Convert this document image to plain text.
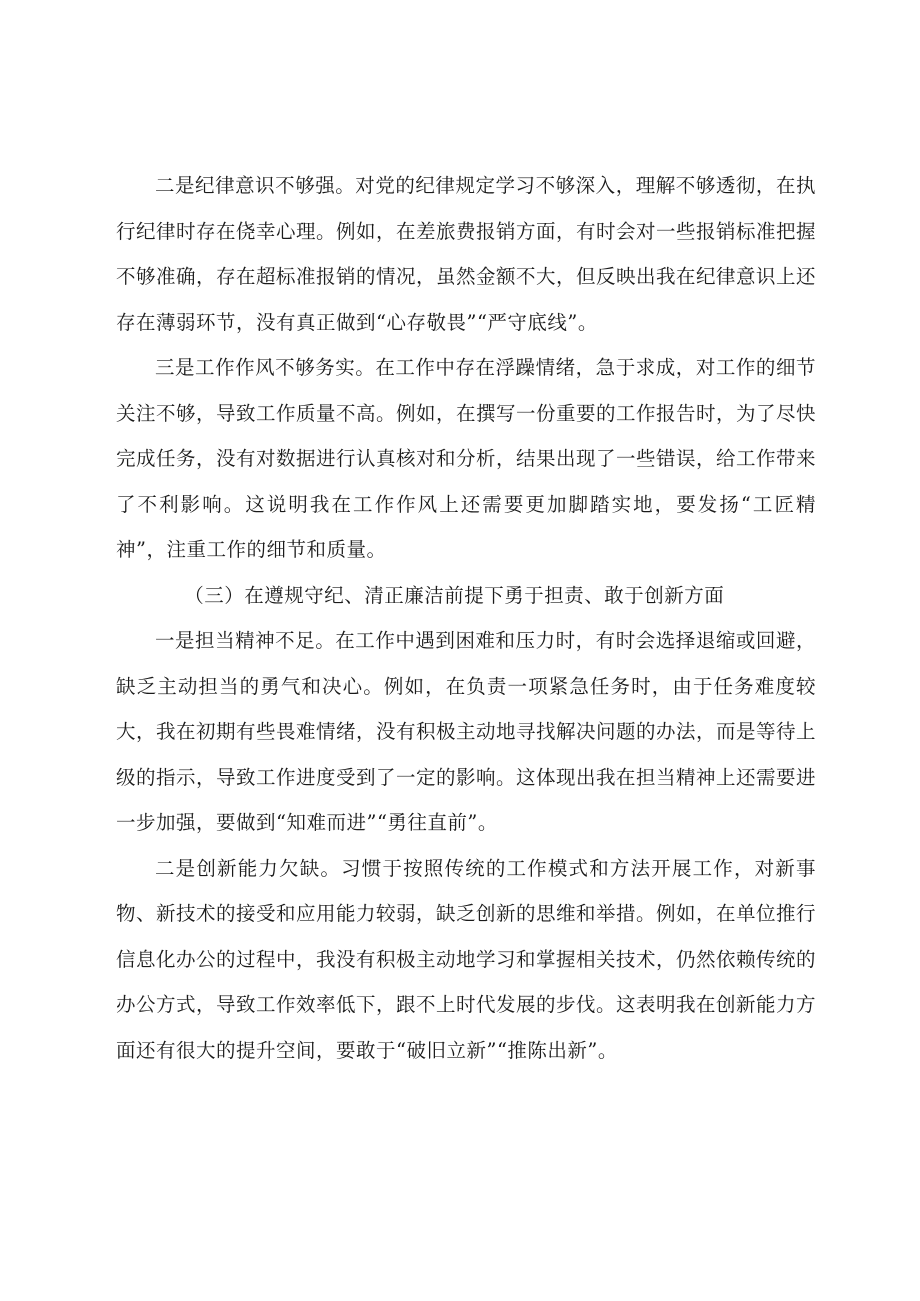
二是纪律意识不够强。对党的纪律规定学习不够深入，理解不够透彻，在执行纪律时存在侥幸心理。例如，在差旅费报销方面，有时会对一些报销标准把握不够准确，存在超标准报销的情况，虽然金额不大，但反映出我在纪律意识上还存在薄弱环节，没有真正做到“心存敬畏”“严守底线”。

三是工作作风不够务实。在工作中存在浮躁情绪，急于求成，对工作的细节关注不够，导致工作质量不高。例如，在撰写一份重要的工作报告时，为了尽快完成任务，没有对数据进行认真核对和分析，结果出现了一些错误，给工作带来了不利影响。这说明我在工作作风上还需要更加脚踏实地，要发扬“工匠精神”，注重工作的细节和质量。

（三）在遵规守纪、清正廉洁前提下勇于担责、敢于创新方面

一是担当精神不足。在工作中遇到困难和压力时，有时会选择退缩或回避，缺乏主动担当的勇气和决心。例如，在负责一项紧急任务时，由于任务难度较大，我在初期有些畏难情绪，没有积极主动地寻找解决问题的办法，而是等待上级的指示，导致工作进度受到了一定的影响。这体现出我在担当精神上还需要进一步加强，要做到“知难而进”“勇往直前”。

二是创新能力欠缺。习惯于按照传统的工作模式和方法开展工作，对新事物、新技术的接受和应用能力较弱，缺乏创新的思维和举措。例如，在单位推行信息化办公的过程中，我没有积极主动地学习和掌握相关技术，仍然依赖传统的办公方式，导致工作效率低下，跟不上时代发展的步伐。这表明我在创新能力方面还有很大的提升空间，要敢于“破旧立新”“推陈出新”。
